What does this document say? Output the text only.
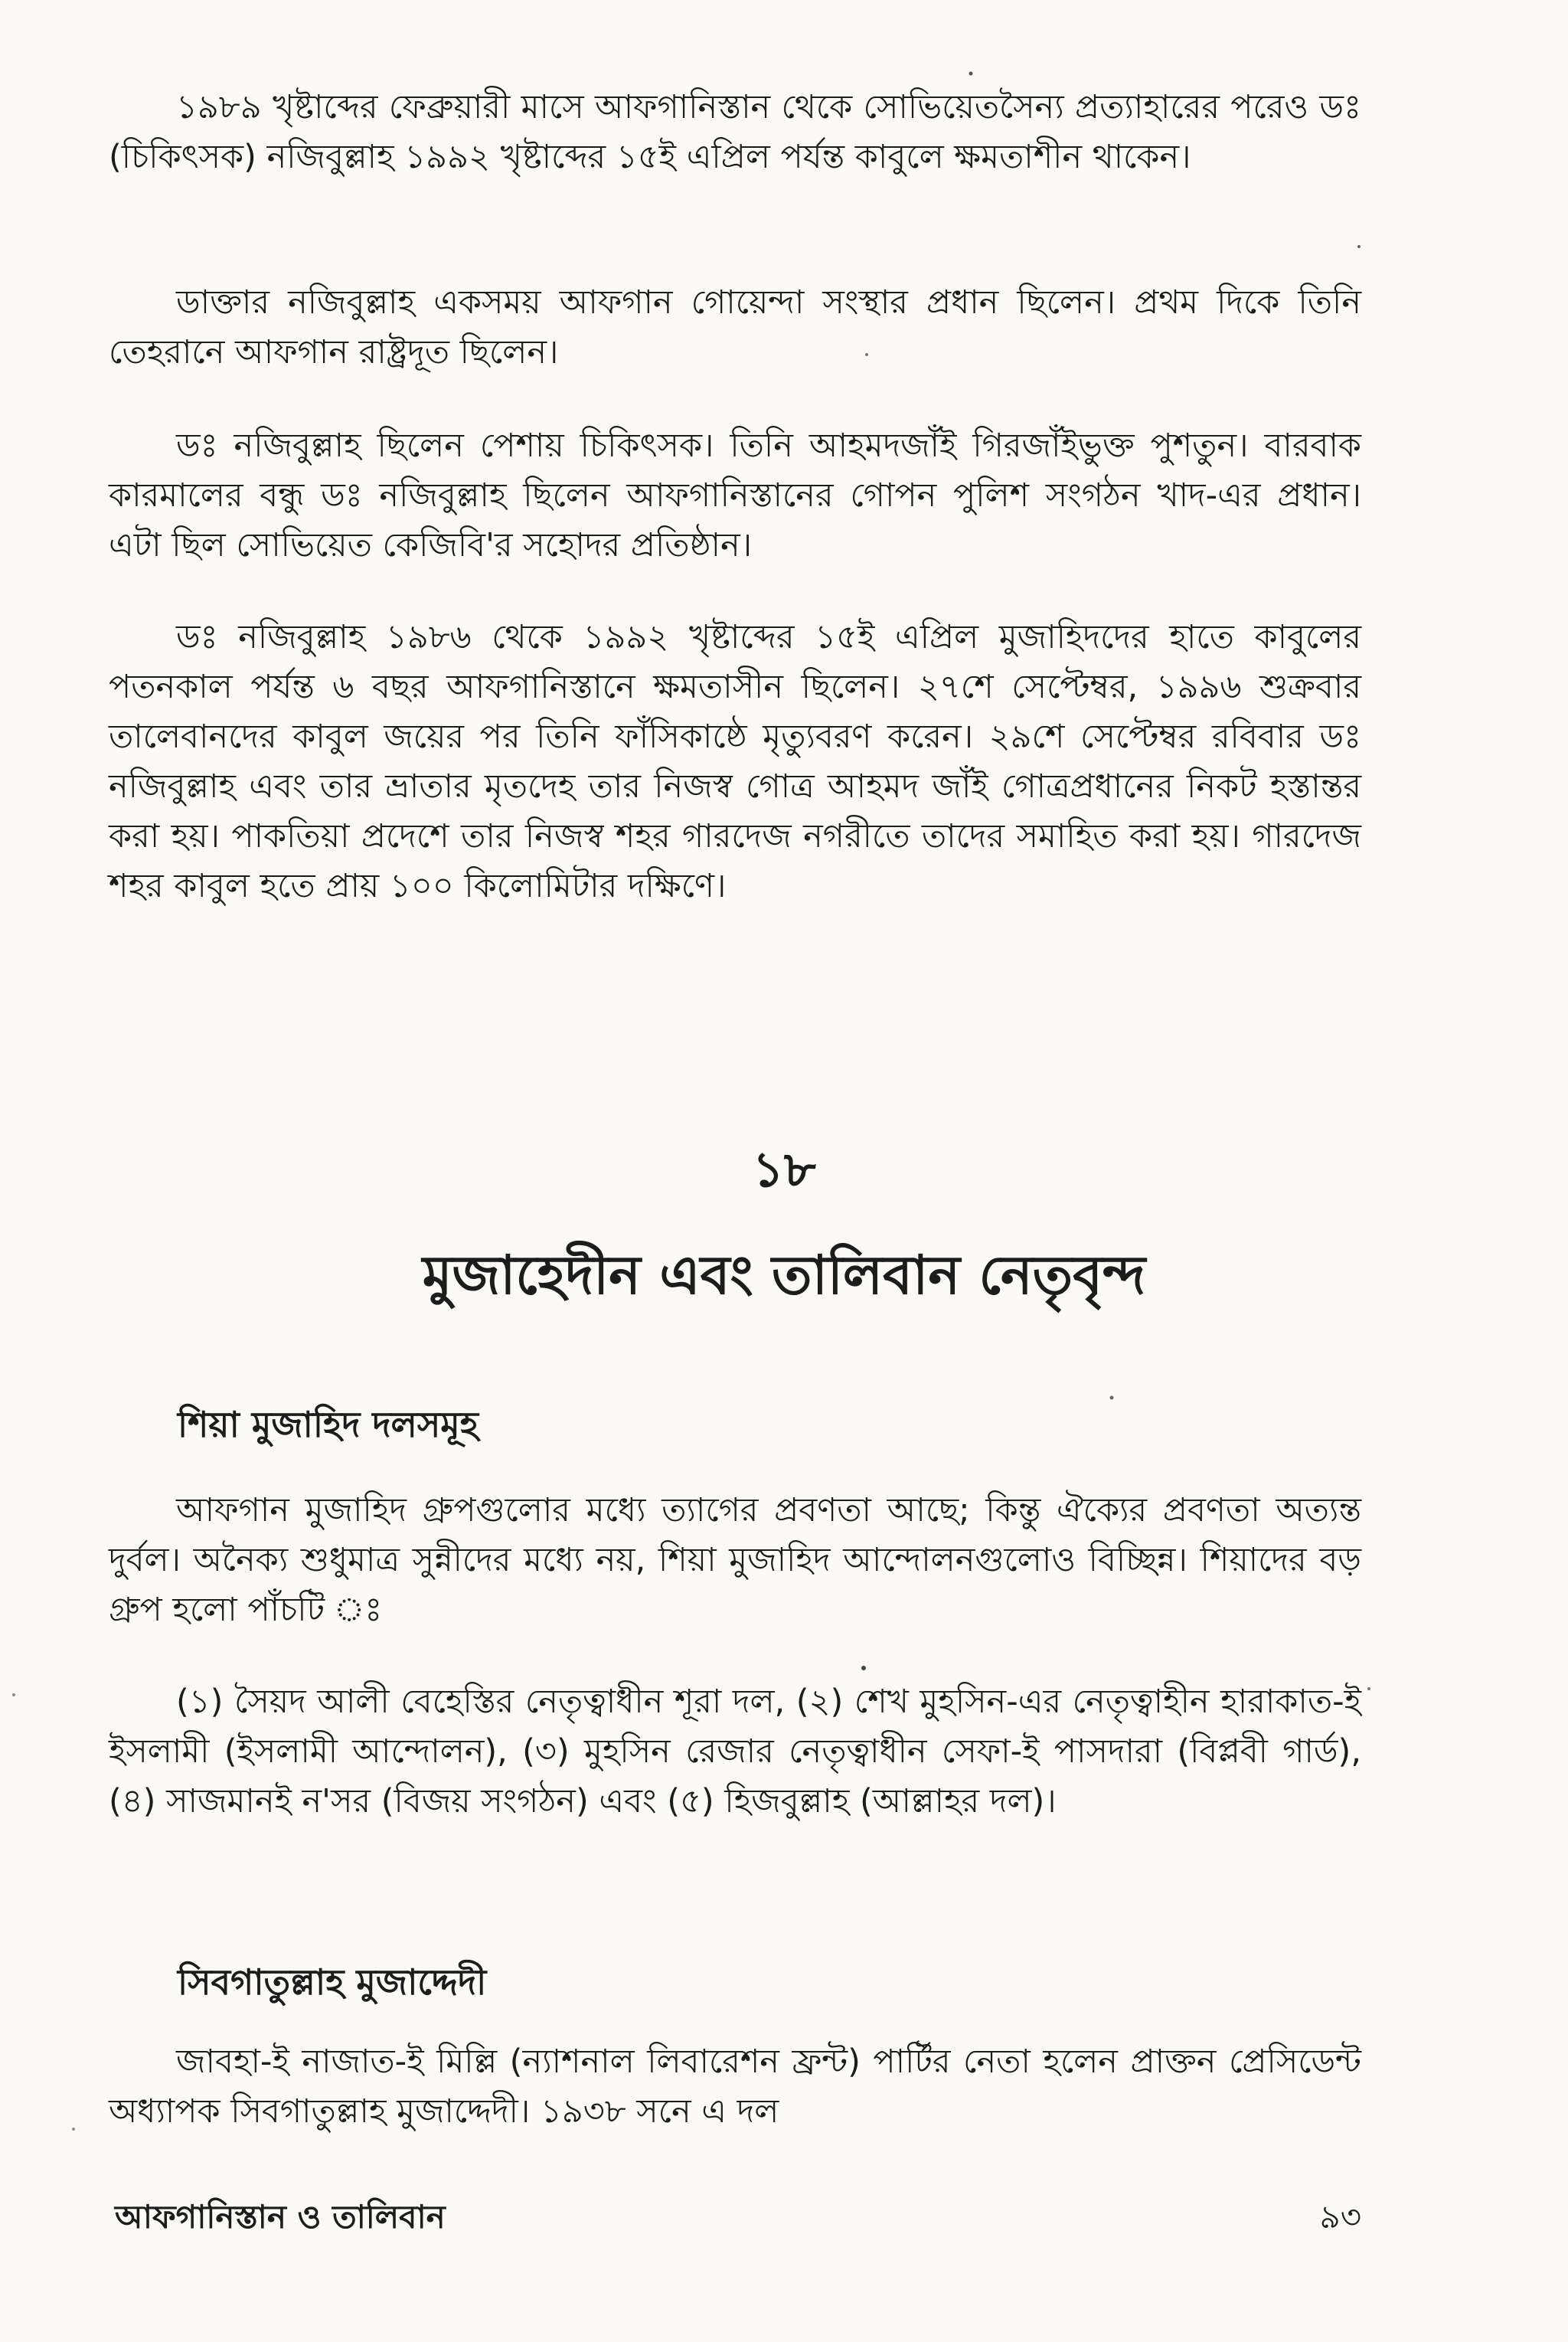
১৯৮৯ খৃষ্টাব্দের ফেব্রুয়ারী মাসে আফগানিস্তান থেকে সোভিয়েতসৈন্য প্রত্যাহারের পরেও ডঃ (চিকিৎসক) নজিবুল্লাহ ১৯৯২ খৃষ্টাব্দের ১৫ই এপ্রিল পর্যন্ত কাবুলে ক্ষমতাশীন থাকেন।

ডাক্তার নজিবুল্লাহ একসময় আফগান গোয়েন্দা সংস্থার প্রধান ছিলেন। প্রথম দিকে তিনি তেহরানে আফগান রাষ্ট্রদূত ছিলেন।

ডঃ নজিবুল্লাহ ছিলেন পেশায় চিকিৎসক। তিনি আহমদজাঁই গিরজাঁইভুক্ত পুশতুন। বারবাক কারমালের বন্ধু ডঃ নজিবুল্লাহ ছিলেন আফগানিস্তানের গোপন পুলিশ সংগঠন খাদ-এর প্রধান। এটা ছিল সোভিয়েত কেজিবি'র সহোদর প্রতিষ্ঠান।

ডঃ নজিবুল্লাহ ১৯৮৬ থেকে ১৯৯২ খৃষ্টাব্দের ১৫ই এপ্রিল মুজাহিদদের হাতে কাবুলের পতনকাল পর্যন্ত ৬ বছর আফগানিস্তানে ক্ষমতাসীন ছিলেন। ২৭শে সেপ্টেম্বর, ১৯৯৬ শুক্রবার তালেবানদের কাবুল জয়ের পর তিনি ফাঁসিকাষ্ঠে মৃত্যুবরণ করেন। ২৯শে সেপ্টেম্বর রবিবার ডঃ নজিবুল্লাহ এবং তার ভ্রাতার মৃতদেহ তার নিজস্ব গোত্র আহমদ জাঁই গোত্রপ্রধানের নিকট হস্তান্তর করা হয়। পাকতিয়া প্রদেশে তার নিজস্ব শহর গারদেজ নগরীতে তাদের সমাহিত করা হয়। গারদেজ শহর কাবুল হতে প্রায় ১০০ কিলোমিটার দক্ষিণে।

১৮
মুজাহেদীন এবং তালিবান নেতৃবৃন্দ
শিয়া মুজাহিদ দলসমূহ

আফগান মুজাহিদ গ্রুপগুলোর মধ্যে ত্যাগের প্রবণতা আছে; কিন্তু ঐক্যের প্রবণতা অত্যন্ত দুর্বল। অনৈক্য শুধুমাত্র সুন্নীদের মধ্যে নয়, শিয়া মুজাহিদ আন্দোলনগুলোও বিচ্ছিন্ন। শিয়াদের বড় গ্রুপ হলো পাঁচটি ঃ

(১) সৈয়দ আলী বেহেস্তির নেতৃত্বাধীন শূরা দল, (২) শেখ মুহসিন-এর নেতৃত্বাহীন হারাকাত-ই ইসলামী (ইসলামী আন্দোলন), (৩) মুহসিন রেজার নেতৃত্বাধীন সেফা-ই পাসদারা (বিপ্লবী গার্ড), (৪) সাজমানই ন'সর (বিজয় সংগঠন) এবং (৫) হিজবুল্লাহ (আল্লাহর দল)।

সিবগাতুল্লাহ মুজাদ্দেদী

জাবহা-ই নাজাত-ই মিল্লি (ন্যাশনাল লিবারেশন ফ্রন্ট) পার্টির নেতা হলেন প্রাক্তন প্রেসিডেন্ট অধ্যাপক সিবগাতুল্লাহ মুজাদ্দেদী। ১৯৩৮ সনে এ দল

আফগানিস্তান ও তালিবান	৯৩
